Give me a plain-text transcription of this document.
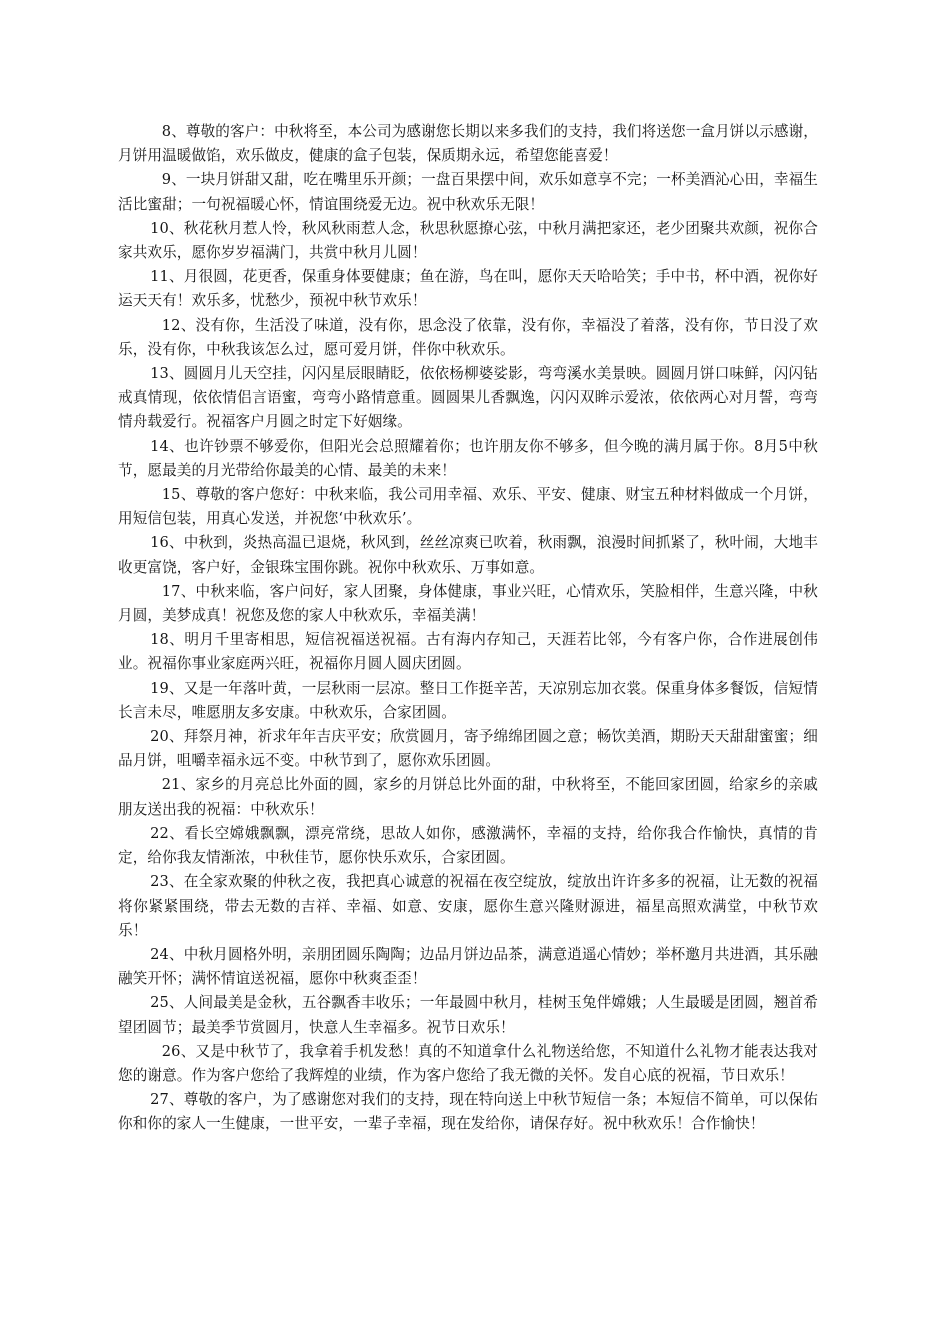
8、尊敬的客户：中秋将至，本公司为感谢您长期以来多我们的支持，我们将送您一盒月饼以示感谢，月饼用温暖做馅，欢乐做皮，健康的盒子包装，保质期永远，希望您能喜爱！

9、一块月饼甜又甜，吃在嘴里乐开颜；一盘百果摆中间，欢乐如意享不完；一杯美酒沁心田，幸福生活比蜜甜；一句祝福暖心怀，情谊围绕爱无边。祝中秋欢乐无限！

10、秋花秋月惹人怜，秋风秋雨惹人念，秋思秋愿撩心弦，中秋月满把家还，老少团聚共欢颜，祝你合家共欢乐，愿你岁岁福满门，共赏中秋月儿圆！

11、月很圆，花更香，保重身体要健康；鱼在游，鸟在叫，愿你天天哈哈笑；手中书，杯中酒，祝你好运天天有！欢乐多，忧愁少，预祝中秋节欢乐！

12、没有你，生活没了味道，没有你，思念没了依靠，没有你，幸福没了着落，没有你，节日没了欢乐，没有你，中秋我该怎么过，愿可爱月饼，伴你中秋欢乐。

13、圆圆月儿天空挂，闪闪星辰眼睛眨，依依杨柳婆娑影，弯弯溪水美景映。圆圆月饼口味鲜，闪闪钻戒真情现，依依情侣言语蜜，弯弯小路情意重。圆圆果儿香飘逸，闪闪双眸示爱浓，依依两心对月誓，弯弯情舟载爱行。祝福客户月圆之时定下好姻缘。

14、也许钞票不够爱你，但阳光会总照耀着你；也许朋友你不够多，但今晚的满月属于你。8月5中秋节，愿最美的月光带给你最美的心情、最美的未来！

15、尊敬的客户您好：中秋来临，我公司用幸福、欢乐、平安、健康、财宝五种材料做成一个月饼，用短信包装，用真心发送，并祝您‘中秋欢乐’。

16、中秋到，炎热高温已退烧，秋风到，丝丝凉爽已吹着，秋雨飘，浪漫时间抓紧了，秋叶闹，大地丰收更富饶，客户好，金银珠宝围你跳。祝你中秋欢乐、万事如意。

17、中秋来临，客户问好，家人团聚，身体健康，事业兴旺，心情欢乐，笑脸相伴，生意兴隆，中秋月圆，美梦成真！祝您及您的家人中秋欢乐，幸福美满！

18、明月千里寄相思，短信祝福送祝福。古有海内存知己，天涯若比邻，今有客户你，合作进展创伟业。祝福你事业家庭两兴旺，祝福你月圆人圆庆团圆。

19、又是一年落叶黄，一层秋雨一层凉。整日工作挺辛苦，天凉别忘加衣裳。保重身体多餐饭，信短情长言未尽，唯愿朋友多安康。中秋欢乐，合家团圆。

20、拜祭月神，祈求年年吉庆平安；欣赏圆月，寄予绵绵团圆之意；畅饮美酒，期盼天天甜甜蜜蜜；细品月饼，咀嚼幸福永远不变。中秋节到了，愿你欢乐团圆。

21、家乡的月亮总比外面的圆，家乡的月饼总比外面的甜，中秋将至，不能回家团圆，给家乡的亲戚朋友送出我的祝福：中秋欢乐！

22、看长空嫦娥飘飘，漂亮常绕，思故人如你，感激满怀，幸福的支持，给你我合作愉快，真情的肯定，给你我友情渐浓，中秋佳节，愿你快乐欢乐，合家团圆。

23、在全家欢聚的仲秋之夜，我把真心诚意的祝福在夜空绽放，绽放出许许多多的祝福，让无数的祝福将你紧紧围绕，带去无数的吉祥、幸福、如意、安康，愿你生意兴隆财源进，福星高照欢满堂，中秋节欢乐！

24、中秋月圆格外明，亲朋团圆乐陶陶；边品月饼边品茶，满意逍遥心情妙；举杯邀月共进酒，其乐融融笑开怀；满怀情谊送祝福，愿你中秋爽歪歪！

25、人间最美是金秋，五谷飘香丰收乐；一年最圆中秋月，桂树玉兔伴嫦娥；人生最暖是团圆，翘首希望团圆节；最美季节赏圆月，快意人生幸福多。祝节日欢乐！

26、又是中秋节了，我拿着手机发愁！真的不知道拿什么礼物送给您，不知道什么礼物才能表达我对您的谢意。作为客户您给了我辉煌的业绩，作为客户您给了我无微的关怀。发自心底的祝福，节日欢乐！

27、尊敬的客户，为了感谢您对我们的支持，现在特向送上中秋节短信一条；本短信不简单，可以保佑你和你的家人一生健康，一世平安，一辈子幸福，现在发给你，请保存好。祝中秋欢乐！合作愉快！
